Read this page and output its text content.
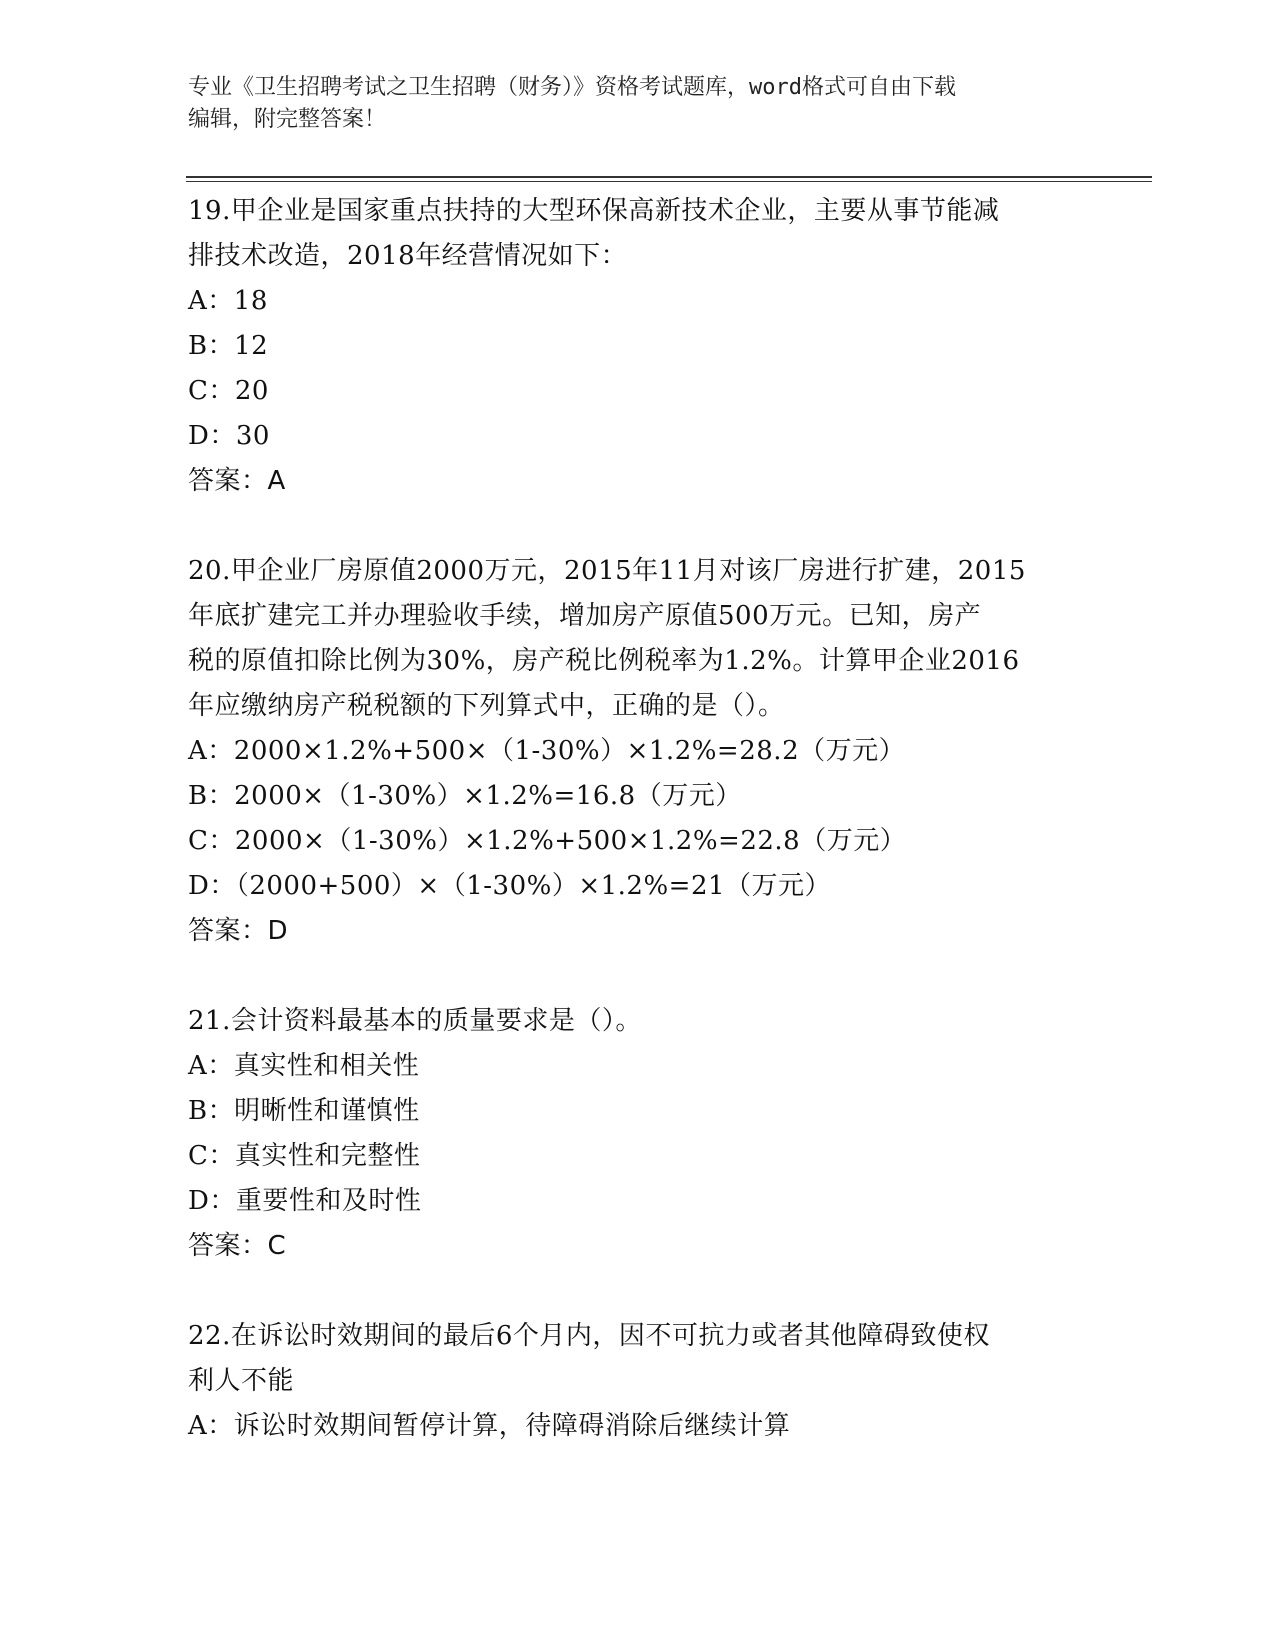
专业《卫生招聘考试之卫生招聘（财务）》资格考试题库，word格式可自由下载
编辑，附完整答案！
19.甲企业是国家重点扶持的大型环保高新技术企业，主要从事节能减
排技术改造，2018年经营情况如下：
A：18
B：12
C：20
D：30
答案：A
20.甲企业厂房原值2000万元，2015年11月对该厂房进行扩建，2015
年底扩建完工并办理验收手续，增加房产原值500万元。已知，房产
税的原值扣除比例为30%，房产税比例税率为1.2%。计算甲企业2016
年应缴纳房产税税额的下列算式中，正确的是（）。
A：2000×1.2%+500×（1-30%）×1.2%=28.2（万元）
B：2000×（1-30%）×1.2%=16.8（万元）
C：2000×（1-30%）×1.2%+500×1.2%=22.8（万元）
D：（2000+500）×（1-30%）×1.2%=21（万元）
答案：D
21.会计资料最基本的质量要求是（）。
A：真实性和相关性
B：明晰性和谨慎性
C：真实性和完整性
D：重要性和及时性
答案：C
22.在诉讼时效期间的最后6个月内，因不可抗力或者其他障碍致使权
利人不能
A：诉讼时效期间暂停计算，待障碍消除后继续计算
